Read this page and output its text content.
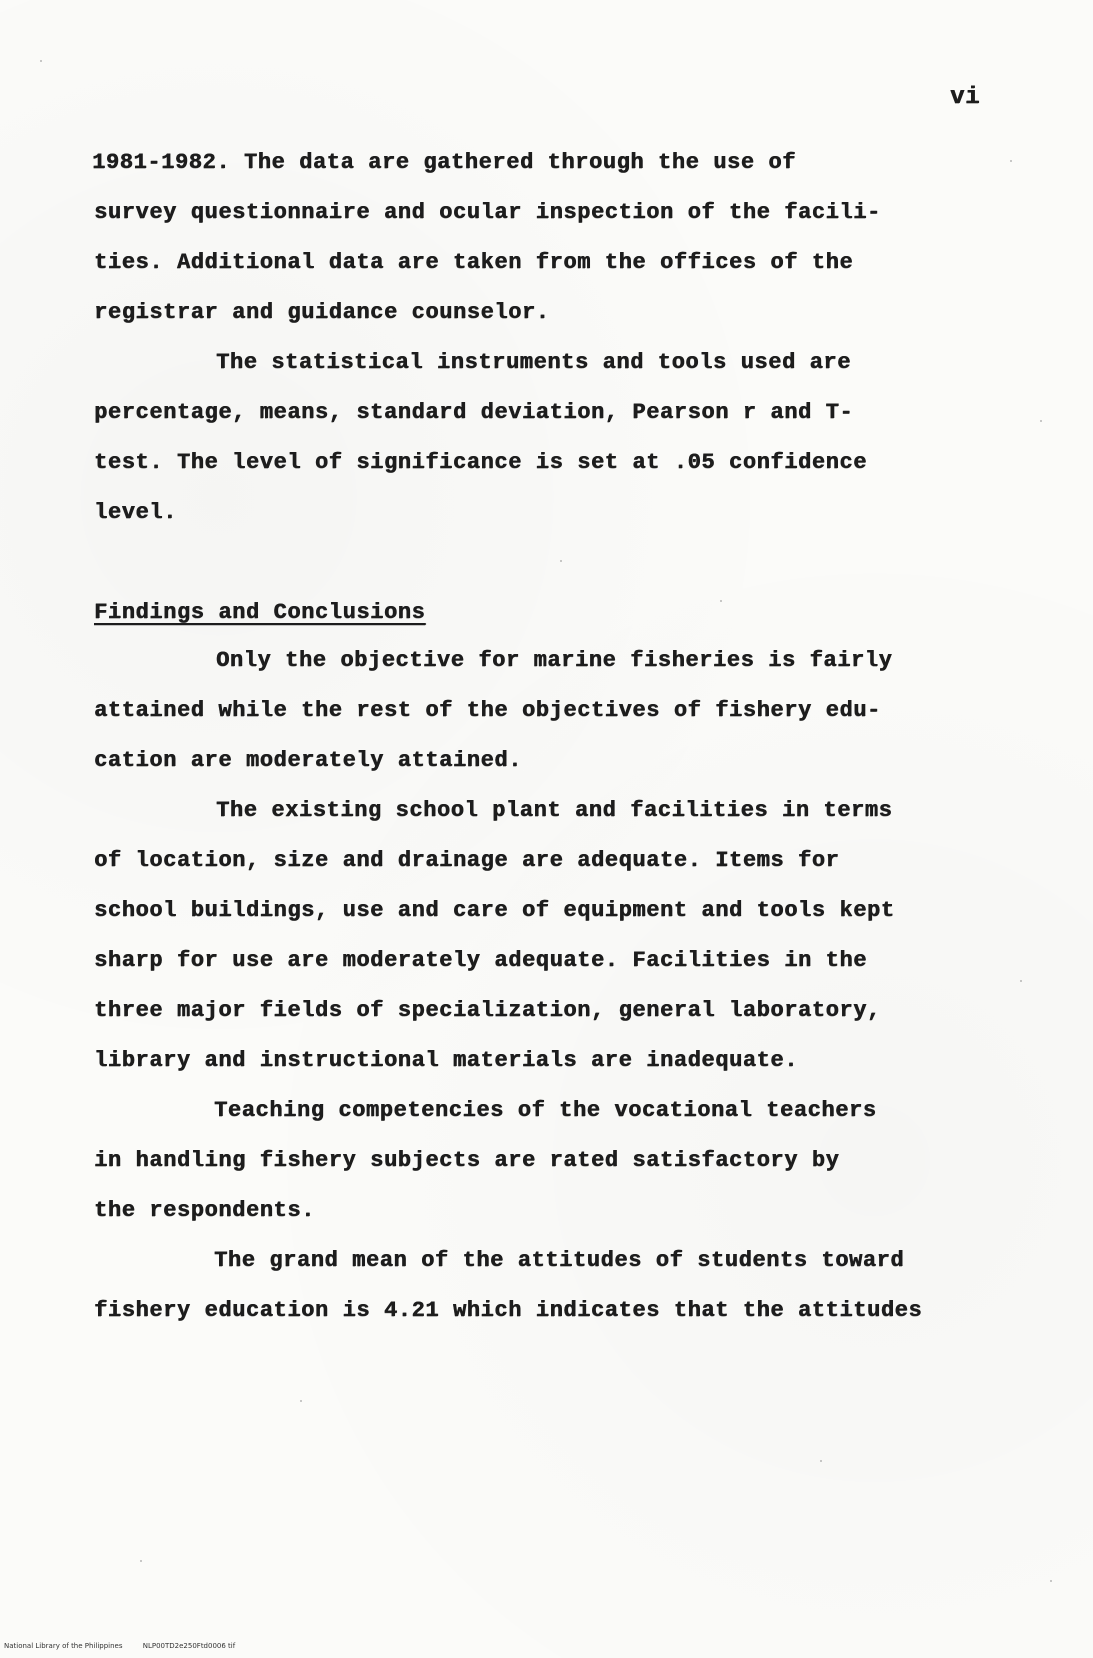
vi
1981-1982. The data are gathered through the use of
survey questionnaire and ocular inspection of the facili-
ties. Additional data are taken from the offices of the
registrar and guidance counselor.
The statistical instruments and tools used are
percentage, means, standard deviation, Pearson r and T-
test. The level of significance is set at .05 confidence
level.
Findings and Conclusions
Only the objective for marine fisheries is fairly
attained while the rest of the objectives of fishery edu-
cation are moderately attained.
The existing school plant and facilities in terms
of location, size and drainage are adequate. Items for
school buildings, use and care of equipment and tools kept
sharp for use are moderately adequate. Facilities in the
three major fields of specialization, general laboratory,
library and instructional materials are inadequate.
Teaching competencies of the vocational teachers
in handling fishery subjects are rated satisfactory by
the respondents.
The grand mean of the attitudes of students toward
fishery education is 4.21 which indicates that the attitudes
National Library of the Philippines	NLP00TD2e250Ftd0006 tif
